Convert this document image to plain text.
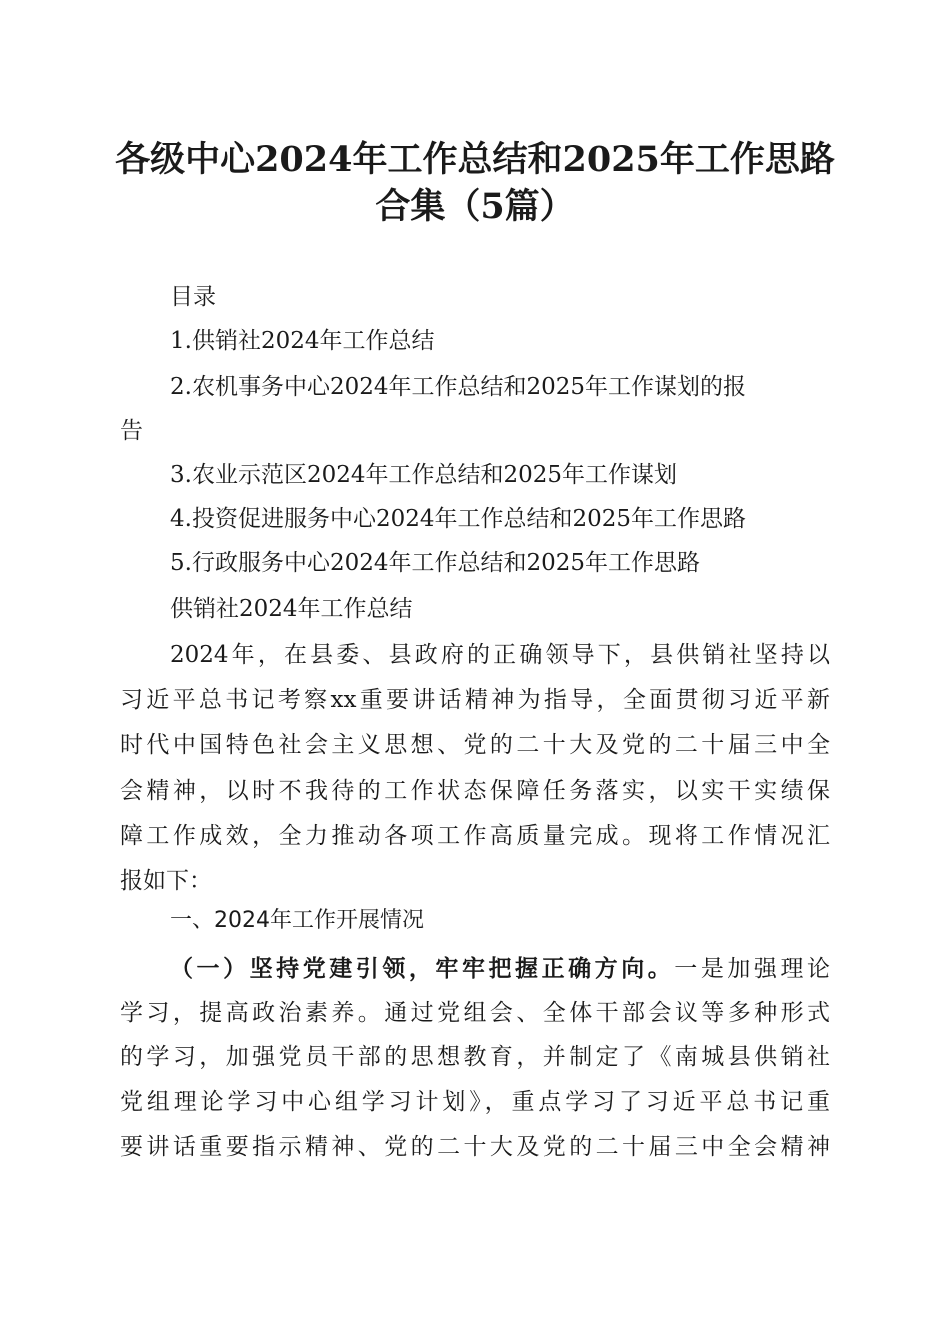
各级中心2024年工作总结和2025年工作思路
合集（5篇）

目录

1.供销社2024年工作总结

2.农机事务中心2024年工作总结和2025年工作谋划的报

告

3.农业示范区2024年工作总结和2025年工作谋划

4.投资促进服务中心2024年工作总结和2025年工作思路

5.行政服务中心2024年工作总结和2025年工作思路

供销社2024年工作总结

2024年，在县委、县政府的正确领导下，县供销社坚持以

习近平总书记考察xx重要讲话精神为指导，全面贯彻习近平新

时代中国特色社会主义思想、党的二十大及党的二十届三中全

会精神，以时不我待的工作状态保障任务落实，以实干实绩保

障工作成效，全力推动各项工作高质量完成。现将工作情况汇

报如下：

一、2024年工作开展情况

（一）坚持党建引领，牢牢把握正确方向。一是加强理论

学习，提高政治素养。通过党组会、全体干部会议等多种形式

的学习，加强党员干部的思想教育，并制定了《南城县供销社

党组理论学习中心组学习计划》，重点学习了习近平总书记重

要讲话重要指示精神、党的二十大及党的二十届三中全会精神
